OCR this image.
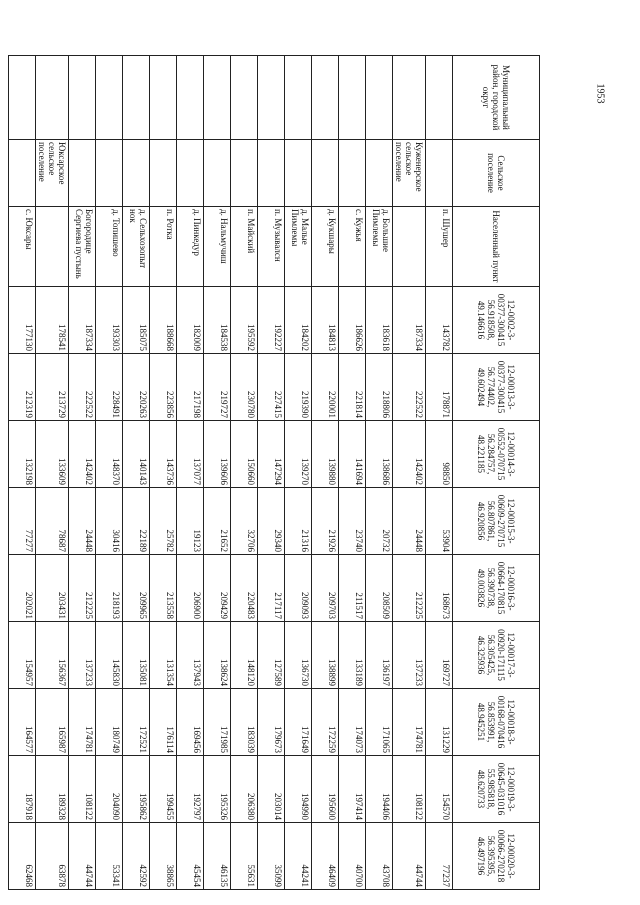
1953
Муниципальный район, городской округ	Сельское поселение	Населенный пункт	12-0002-3-00377-300415 56.918508, 49.146616	12-00013-3-00377-300415 56.774402, 49.602494	12-00014-3-00552-070715 56.284757, 48.221185	12-00015-3-00609-270715 56.807861, 46.920856	12-00016-3-00664-170815 56.390738, 49.003826	12-00017-3-00920-171115 56.305425, 46.325936	12-00018-3-00168-070416 56.853991, 48.945251	12-00019-3-00645-031016 55.985818, 48.620733	12-00020-3-00066-270218 56.395395, 46.497196
		п. Шушер	143782	178871	98850	53904	168673	169727	131229	154570	77237
	Куженерское сельское поселение		187334	222522	142402	24448	212225	137233	174781	108122	44744
		д. Большие Пимлемы	183618	218806	138686	20732	208509	136197	171065	194406	43708
		с. Кужья	186626	221814	141694	23740	211517	133189	174073	197414	40700
		д. Кукшары	184813	220001	139880	21926	209703	138899	172259	195600	46409
		д. Малые Пимлемы	184202	219390	139270	21316	209093	136730	171649	194990	44241
		п. Музывалсн	192227	227415	147294	29340	217117	127589	179673	203014	35099
		п. Майский	195592	230780	150660	32706	220483	148120	183039	206380	55631
		д. Нальмучиш	184538	219727	139606	21652	209429	138624	171985	195326	46135
		д. Пинкедур	182009	217198	137077	19123	206900	137943	169456	192797	45454
		п. Ротка	188668	223856	143736	25782	213558	131354	176114	199455	38865
		д. Сельхозопыт нок	185075	220263	140143	22189	209965	135081	172521	195862	42592
		д. Топишево	193303	228491	148370	30416	218193	145830	180749	204090	53341
		Богородице Сергиева пустынь	187334	222522	142402	24448	212225	137233	174781	108122	44744
	Юксарское сельское поселение		178541	213729	133609	78687	203431	156367	165987	189328	63878
		с. Юксары	177130	212319	132198	77277	202021	154957	164577	187918	62468
